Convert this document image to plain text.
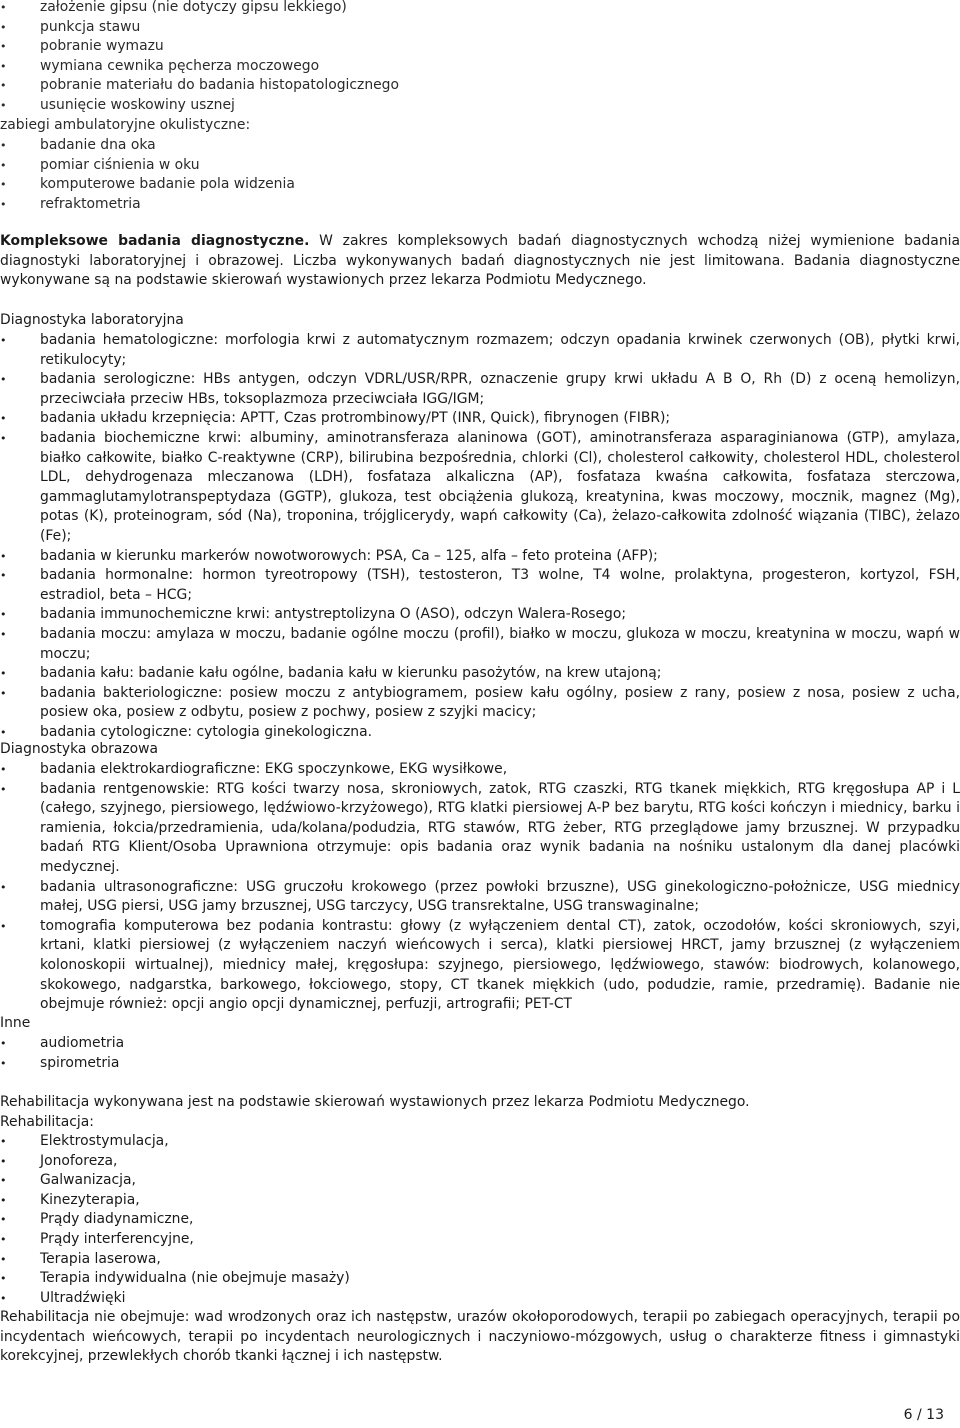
• założenie gipsu (nie dotyczy gipsu lekkiego)
• punkcja stawu
• pobranie wymazu
• wymiana cewnika pęcherza moczowego
• pobranie materiału do badania histopatologicznego
• usunięcie woskowiny usznej
zabiegi ambulatoryjne okulistyczne:
• badanie dna oka
• pomiar ciśnienia w oku
• komputerowe badanie pola widzenia
• refraktometria

Kompleksowe badania diagnostyczne. W zakres kompleksowych badań diagnostycznych wchodzą niżej wymienione badania diagnostyki laboratoryjnej i obrazowej. Liczba wykonywanych badań diagnostycznych nie jest limitowana. Badania diagnostyczne wykonywane są na podstawie skierowań wystawionych przez lekarza Podmiotu Medycznego.

Diagnostyka laboratoryjna
• badania hematologiczne: morfologia krwi z automatycznym rozmazem; odczyn opadania krwinek czerwonych (OB), płytki krwi, retikulocyty;
• badania serologiczne: HBs antygen, odczyn VDRL/USR/RPR, oznaczenie grupy krwi układu A B O, Rh (D) z oceną hemolizyn, przeciwciała przeciw HBs, toksoplazmoza przeciwciała IGG/IGM;
• badania układu krzepnięcia: APTT, Czas protrombinowy/PT (INR, Quick), fibrynogen (FIBR);
• badania biochemiczne krwi: albuminy, aminotransferaza alaninowa (GOT), aminotransferaza asparaginianowa (GTP), amylaza, białko całkowite, białko C-reaktywne (CRP), bilirubina bezpośrednia, chlorki (Cl), cholesterol całkowity, cholesterol HDL, cholesterol LDL, dehydrogenaza mleczanowa (LDH), fosfataza alkaliczna (AP), fosfataza kwaśna całkowita, fosfataza sterczowa, gammaglutamylotranspeptydaza (GGTP), glukoza, test obciążenia glukozą, kreatynina, kwas moczowy, mocznik, magnez (Mg), potas (K), proteinogram, sód (Na), troponina, trójglicerydy, wapń całkowity (Ca), żelazo-całkowita zdolność wiązania (TIBC), żelazo (Fe);
• badania w kierunku markerów nowotworowych: PSA, Ca – 125, alfa – feto proteina (AFP);
• badania hormonalne: hormon tyreotropowy (TSH), testosteron, T3 wolne, T4 wolne, prolaktyna, progesteron, kortyzol, FSH, estradiol, beta – HCG;
• badania immunochemiczne krwi: antystreptolizyna O (ASO), odczyn Walera-Rosego;
• badania moczu: amylaza w moczu, badanie ogólne moczu (profil), białko w moczu, glukoza w moczu, kreatynina w moczu, wapń w moczu;
• badania kału: badanie kału ogólne, badania kału w kierunku pasożytów, na krew utajoną;
• badania bakteriologiczne: posiew moczu z antybiogramem, posiew kału ogólny, posiew z rany, posiew z nosa, posiew z ucha, posiew oka, posiew z odbytu, posiew z pochwy, posiew z szyjki macicy;
• badania cytologiczne: cytologia ginekologiczna.
Diagnostyka obrazowa
• badania elektrokardiograficzne: EKG spoczynkowe, EKG wysiłkowe,
• badania rentgenowskie: RTG kości twarzy nosa, skroniowych, zatok, RTG czaszki, RTG tkanek miękkich, RTG kręgosłupa AP i L (całego, szyjnego, piersiowego, lędźwiowo-krzyżowego), RTG klatki piersiowej A-P bez barytu, RTG kości kończyn i miednicy, barku i ramienia, łokcia/przedramienia, uda/kolana/podudzia, RTG stawów, RTG żeber, RTG przeglądowe jamy brzusznej. W przypadku badań RTG Klient/Osoba Uprawniona otrzymuje: opis badania oraz wynik badania na nośniku ustalonym dla danej placówki medycznej.
• badania ultrasonograficzne: USG gruczołu krokowego (przez powłoki brzuszne), USG ginekologiczno-położnicze, USG miednicy małej, USG piersi, USG jamy brzusznej, USG tarczycy, USG transrektalne, USG transwaginalne;
• tomografia komputerowa bez podania kontrastu: głowy (z wyłączeniem dental CT), zatok, oczodołów, kości skroniowych, szyi, krtani, klatki piersiowej (z wyłączeniem naczyń wieńcowych i serca), klatki piersiowej HRCT, jamy brzusznej (z wyłączeniem kolonoskopii wirtualnej), miednicy małej, kręgosłupa: szyjnego, piersiowego, lędźwiowego, stawów: biodrowych, kolanowego, skokowego, nadgarstka, barkowego, łokciowego, stopy, CT tkanek miękkich (udo, podudzie, ramie, przedramię). Badanie nie obejmuje również: opcji angio opcji dynamicznej, perfuzji, artrografii; PET-CT
Inne
• audiometria
• spirometria
Rehabilitacja wykonywana jest na podstawie skierowań wystawionych przez lekarza Podmiotu Medycznego.
Rehabilitacja:
• Elektrostymulacja,
• Jonoforeza,
• Galwanizacja,
• Kinezyterapia,
• Prądy diadynamiczne,
• Prądy interferencyjne,
• Terapia laserowa,
• Terapia indywidualna (nie obejmuje masaży)
• Ultradźwięki

Rehabilitacja nie obejmuje: wad wrodzonych oraz ich następstw, urazów okołoporodowych, terapii po zabiegach operacyjnych, terapii po incydentach wieńcowych, terapii po incydentach neurologicznych i naczyniowo-mózgowych, usług o charakterze fitness i gimnastyki korekcyjnej, przewlekłych chorób tkanki łącznej i ich następstw.

6 / 13
